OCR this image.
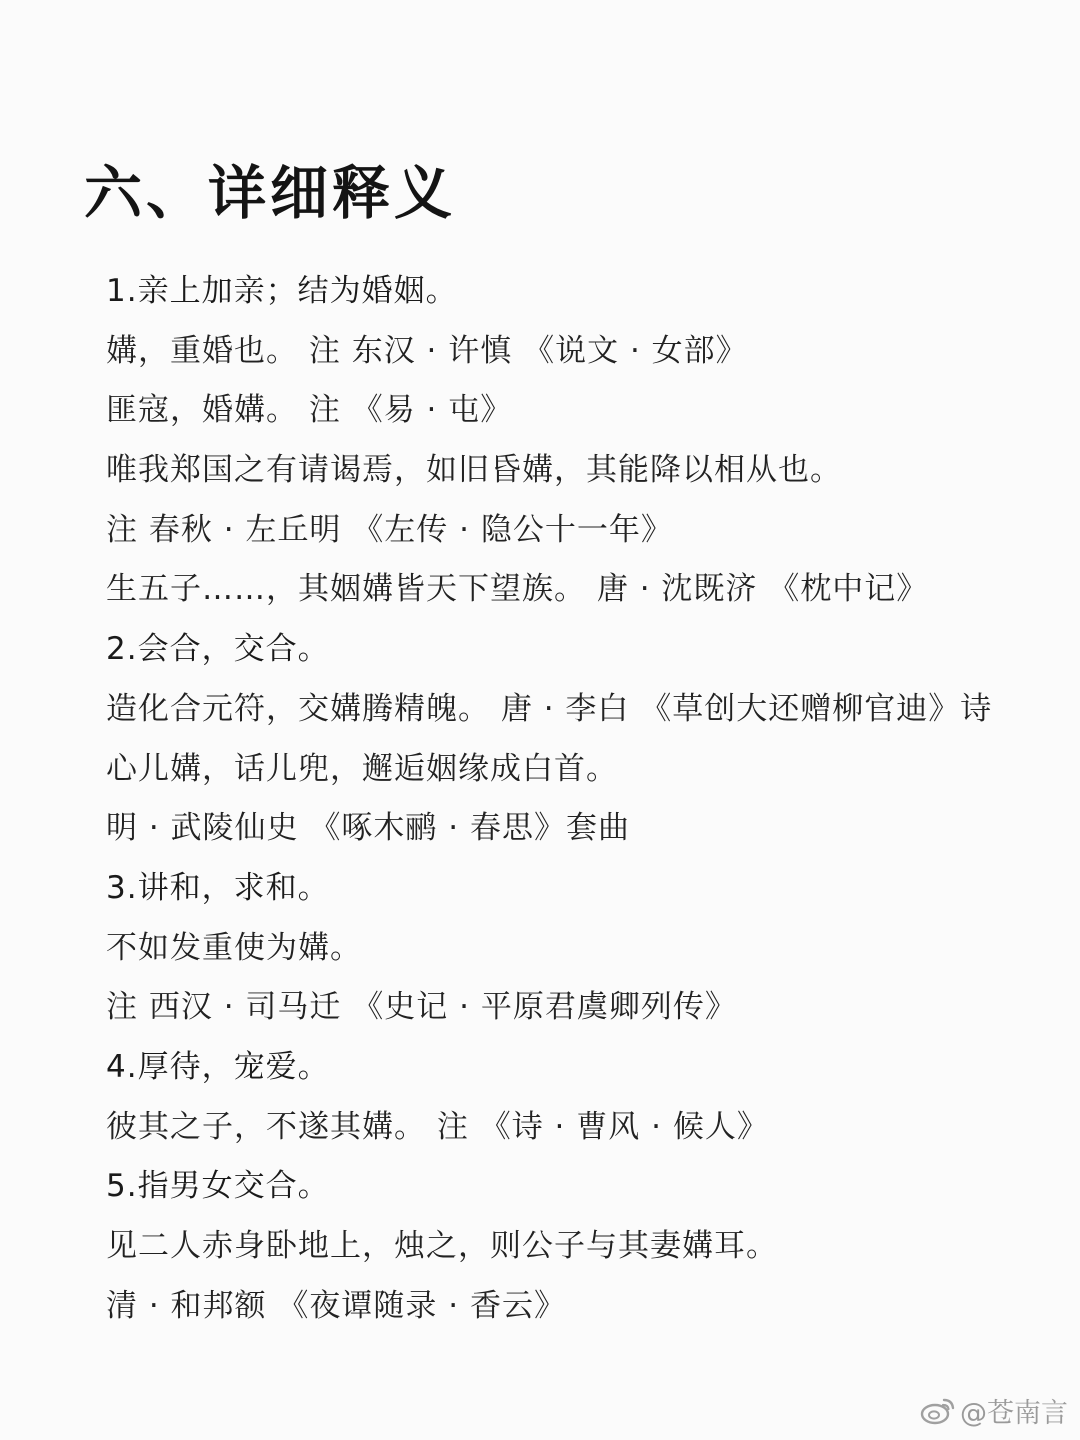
六、详细释义
1.亲上加亲；结为婚姻。
媾，重婚也。 注 东汉 · 许慎 《说文 · 女部》
匪寇，婚媾。 注 《易 · 屯》
唯我郑国之有请谒焉，如旧昏媾，其能降以相从也。
注 春秋 · 左丘明 《左传 · 隐公十一年》
生五子……，其姻媾皆天下望族。 唐 · 沈既济 《枕中记》
2.会合，交合。
造化合元符，交媾腾精魄。 唐 · 李白 《草创大还赠柳官迪》诗
心儿媾，话儿兜，邂逅姻缘成白首。
明 · 武陵仙史 《啄木鹂 · 春思》套曲
3.讲和，求和。
不如发重使为媾。
注 西汉 · 司马迁 《史记 · 平原君虞卿列传》
4.厚待，宠爱。
彼其之子，不遂其媾。 注 《诗 · 曹风 · 候人》
5.指男女交合。
见二人赤身卧地上，烛之，则公子与其妻媾耳。
清 · 和邦额 《夜谭随录 · 香云》
@苍南言
